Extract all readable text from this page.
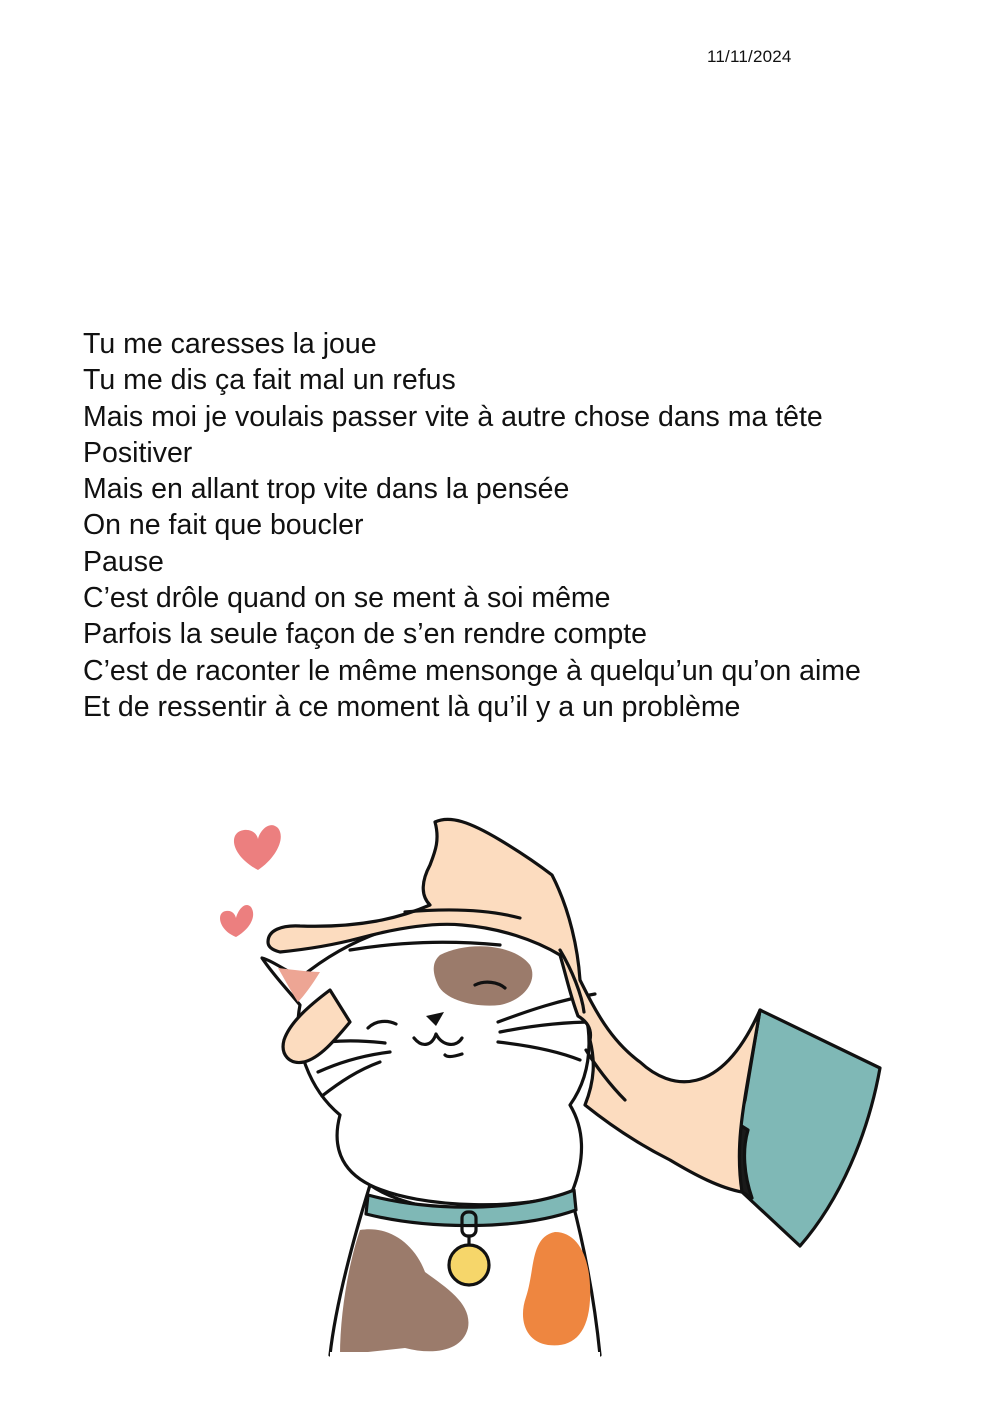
11/11/2024
Tu me caresses la joue
Tu me dis ça fait mal un refus
Mais moi je voulais passer vite à autre chose dans ma tête
Positiver
Mais en allant trop vite dans la pensée
On ne fait que boucler
Pause
C’est drôle quand on se ment à soi même
Parfois la seule façon de s’en rendre compte
C’est de raconter le même mensonge à quelqu’un qu’on aime
Et de ressentir à ce moment là qu’il y a un problème
